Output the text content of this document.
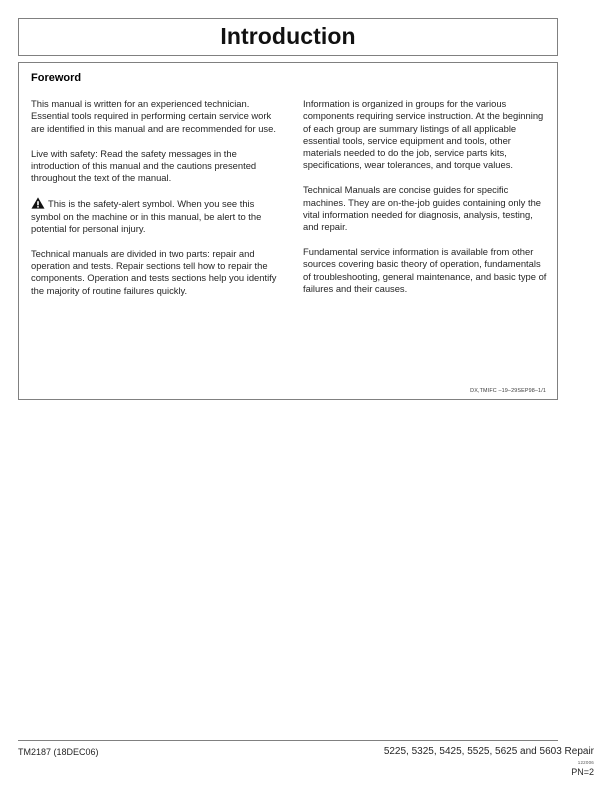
Introduction
Foreword

This manual is written for an experienced technician. Essential tools required in performing certain service work are identified in this manual and are recommended for use.

Live with safety: Read the safety messages in the introduction of this manual and the cautions presented throughout the text of the manual.

This is the safety-alert symbol. When you see this symbol on the machine or in this manual, be alert to the potential for personal injury.

Technical manuals are divided in two parts: repair and operation and tests. Repair sections tell how to repair the components. Operation and tests sections help you identify the majority of routine failures quickly.

Information is organized in groups for the various components requiring service instruction. At the beginning of each group are summary listings of all applicable essential tools, service equipment and tools, other materials needed to do the job, service parts kits, specifications, wear tolerances, and torque values.

Technical Manuals are concise guides for specific machines. They are on-the-job guides containing only the vital information needed for diagnosis, analysis, testing, and repair.

Fundamental service information is available from other sources covering basic theory of operation, fundamentals of troubleshooting, general maintenance, and basic type of failures and their causes.

DX,TMIFC –19–29SEP98–1/1
TM2187 (18DEC06)	5225, 5325, 5425, 5525, 5625 and 5603 Repair
122006
PN=2
